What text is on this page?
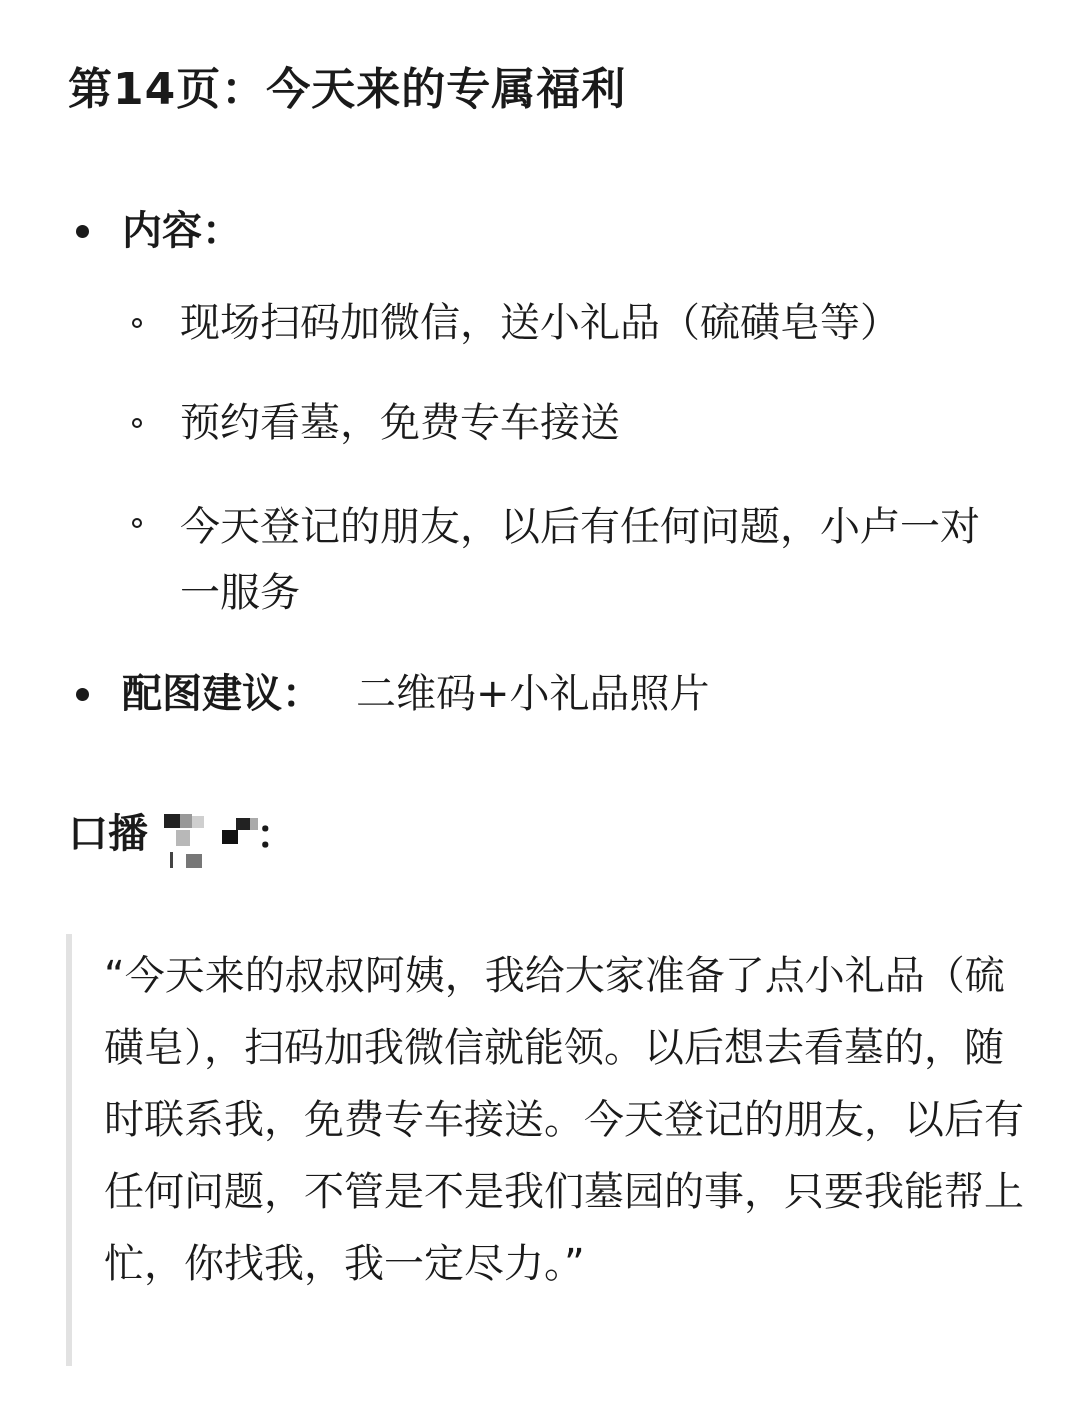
第14页：今天来的专属福利
内容：
现场扫码加微信，送小礼品（硫磺皂等）
预约看墓，免费专车接送
今天登记的朋友，以后有任何问题，小卢一对一服务
配图建议： 二维码+小礼品照片
口播	：
“今天来的叔叔阿姨，我给大家准备了点小礼品（硫磺皂），扫码加我微信就能领。以后想去看墓的，随时联系我，免费专车接送。今天登记的朋友，以后有任何问题，不管是不是我们墓园的事，只要我能帮上忙，你找我，我一定尽力。”
